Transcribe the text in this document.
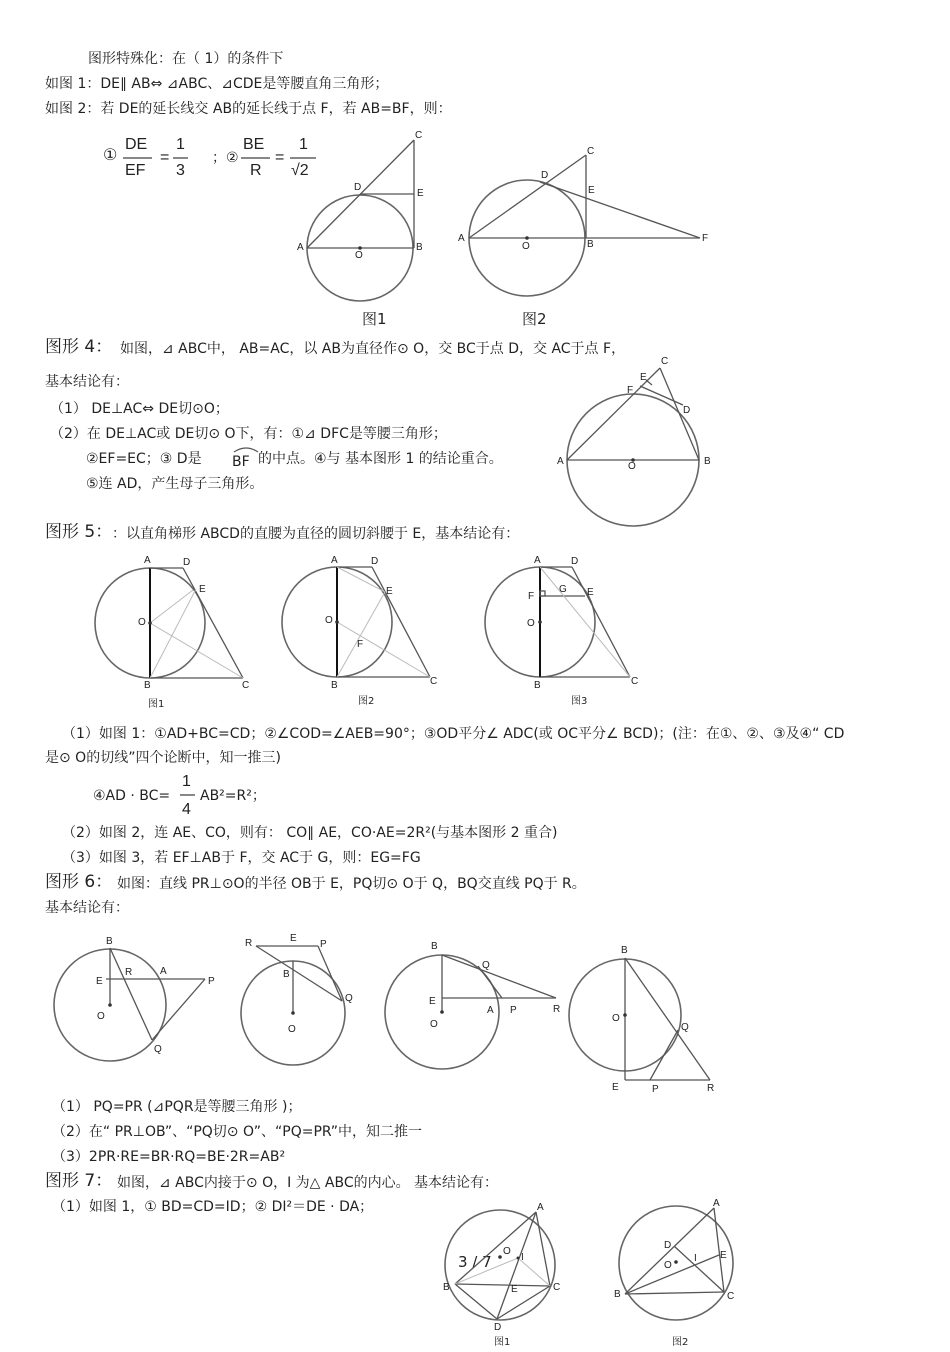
图形特殊化：在（ 1）的条件下
如图 1：DE∥ AB⇔ ⊿ABC、⊿CDE是等腰直角三角形；
如图 2：若 DE的延长线交 AB的延长线于点 F，若 AB=BF，则：
①
DE
EF
=
1
3
；②
BE
R
=
1
√2
图1	图2
图形 4： 如图，⊿ ABC中， AB=AC，以 AB为直径作⊙ O，交 BC于点 D，交 AC于点 F，
基本结论有：
（1） DE⊥AC⇔ DE切⊙O；
（2）在 DE⊥AC或 DE切⊙ O下，有：①⊿ DFC是等腰三角形；
②EF=EC；③ D是 BF 的中点。④与 基本图形 1 的结论重合。
⑤连 AD，产生母子三角形。
图形 5： ：以直角梯形 ABCD的直腰为直径的圆切斜腰于 E，基本结论有：
图1	图2	图3
（1）如图 1：①AD+BC=CD；②∠COD=∠AEB=90°；③OD平分∠ ADC(或 OC平分∠ BCD)；(注：在①、②、③及④“ CD
是⊙ O的切线”四个论断中，知一推三)
④AD · BC=
1
4
AB²=R²；
（2）如图 2，连 AE、CO，则有： CO∥ AE，CO·AE=2R²(与基本图形 2 重合)
（3）如图 3，若 EF⊥AB于 F，交 AC于 G，则：EG=FG
图形 6： 如图：直线 PR⊥⊙O的半径 OB于 E，PQ切⊙ O于 Q，BQ交直线 PQ于 R。
基本结论有：
（1） PQ=PR (⊿PQR是等腰三角形 )；
（2）在“ PR⊥OB”、“PQ切⊙ O”、“PQ=PR”中，知二推一
（3）2PR·RE=BR·RQ=BE·2R=AB²
图形 7： 如图，⊿ ABC内接于⊙ O，I 为△ ABC的内心。 基本结论有：
（1）如图 1，① BD=CD=ID；② DI²＝DE · DA；
图1	图2
3 / 7
C
D
E
A	B
O
C
D
E
A
B
O
F
C
E
F
D
A	B
O
A	D
E
O
B	C
A	D
E
O
F
B	C
A	D
G E
F
O
B	C
B
E
R	A
P
O
Q
R	E
P
B
Q
O
B
Q
E
A P	R
O
B
O
Q
E	P	R
A
O
I
B	C
E
D
A
D
I
O
E
B	C
